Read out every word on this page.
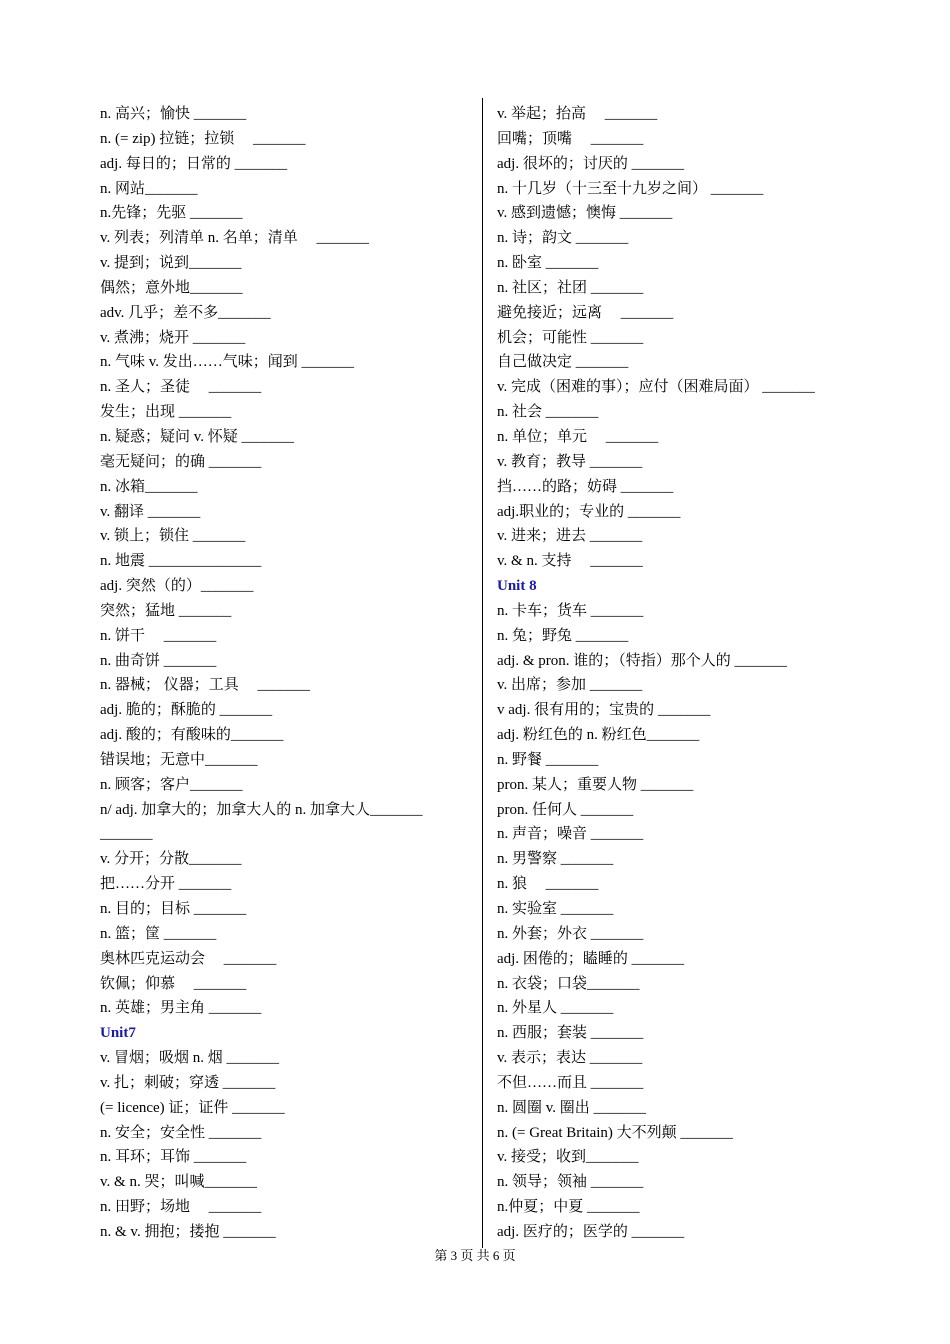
n. 高兴；愉快 _______
n. (= zip) 拉链；拉锁　 _______
adj. 每日的；日常的 _______
n. 网站_______
n.先锋；先驱 _______
v. 列表；列清单 n. 名单；清单　 _______
v. 提到；说到_______
偶然；意外地_______
adv. 几乎；差不多_______
v. 煮沸；烧开 _______
n. 气味 v. 发出……气味；闻到 _______
n. 圣人；圣徒 　_______
发生；出现 _______
n. 疑惑；疑问 v. 怀疑 _______
毫无疑问；的确 _______
n. 冰箱_______
v. 翻译 _______
v. 锁上；锁住 _______
n. 地震 _______________
adj. 突然（的）_______
突然；猛地 _______
n. 饼干 　_______
n. 曲奇饼 _______
n. 器械； 仪器；工具 　_______
adj. 脆的；酥脆的 _______
adj. 酸的；有酸味的_______
错误地；无意中_______
n. 顾客；客户_______
n/ adj. 加拿大的；加拿大人的 n. 加拿大人_______　　 _______
v. 分开；分散_______
把……分开 _______
n. 目的；目标 _______
n. 篮；筐 _______
奥林匹克运动会　 _______
钦佩；仰慕 　_______
n. 英雄；男主角 _______
Unit7
v. 冒烟；吸烟 n. 烟 _______
v. 扎；刺破；穿透 _______
(= licence) 证；证件 _______
n. 安全；安全性 _______
n. 耳环；耳饰 _______
v. & n. 哭；叫喊_______
n. 田野；场地 　_______
n. & v. 拥抱；搂抱 _______
v. 举起；抬高 　_______
回嘴；顶嘴 　_______
adj. 很坏的；讨厌的 _______
n. 十几岁（十三至十九岁之间） _______
v. 感到遗憾；懊悔 _______
n. 诗；韵文 _______
n. 卧室 _______
n. 社区；社团 _______
避免接近；远离 　_______
机会；可能性 _______
自己做决定 _______
v. 完成（困难的事）；应付（困难局面） _______
n. 社会 _______
n. 单位；单元 　_______
v. 教育；教导 _______
挡……的路；妨碍 _______
adj.职业的；专业的 _______
v. 进来；进去 _______
v. & n. 支持 　_______
Unit 8
n. 卡车；货车 _______
n. 兔；野兔 _______
adj. & pron. 谁的；（特指）那个人的 _______
v. 出席；参加 _______
v adj. 很有用的；宝贵的 _______
adj. 粉红色的 n. 粉红色_______
n. 野餐 _______
pron. 某人；重要人物 _______
pron. 任何人 _______
n. 声音；噪音 _______
n. 男警察 _______
n. 狼 　_______
n. 实验室 _______
n. 外套；外衣 _______
adj. 困倦的；瞌睡的 _______
n. 衣袋；口袋_______
n. 外星人 _______
n. 西服；套装 _______
v. 表示；表达 _______
不但……而且 _______
n. 圆圈 v. 圈出 _______
n. (= Great Britain) 大不列颠 _______
v. 接受；收到_______
n. 领导；领袖 _______
n.仲夏；中夏 _______
adj. 医疗的；医学的 _______
第 3 页 共 6 页
